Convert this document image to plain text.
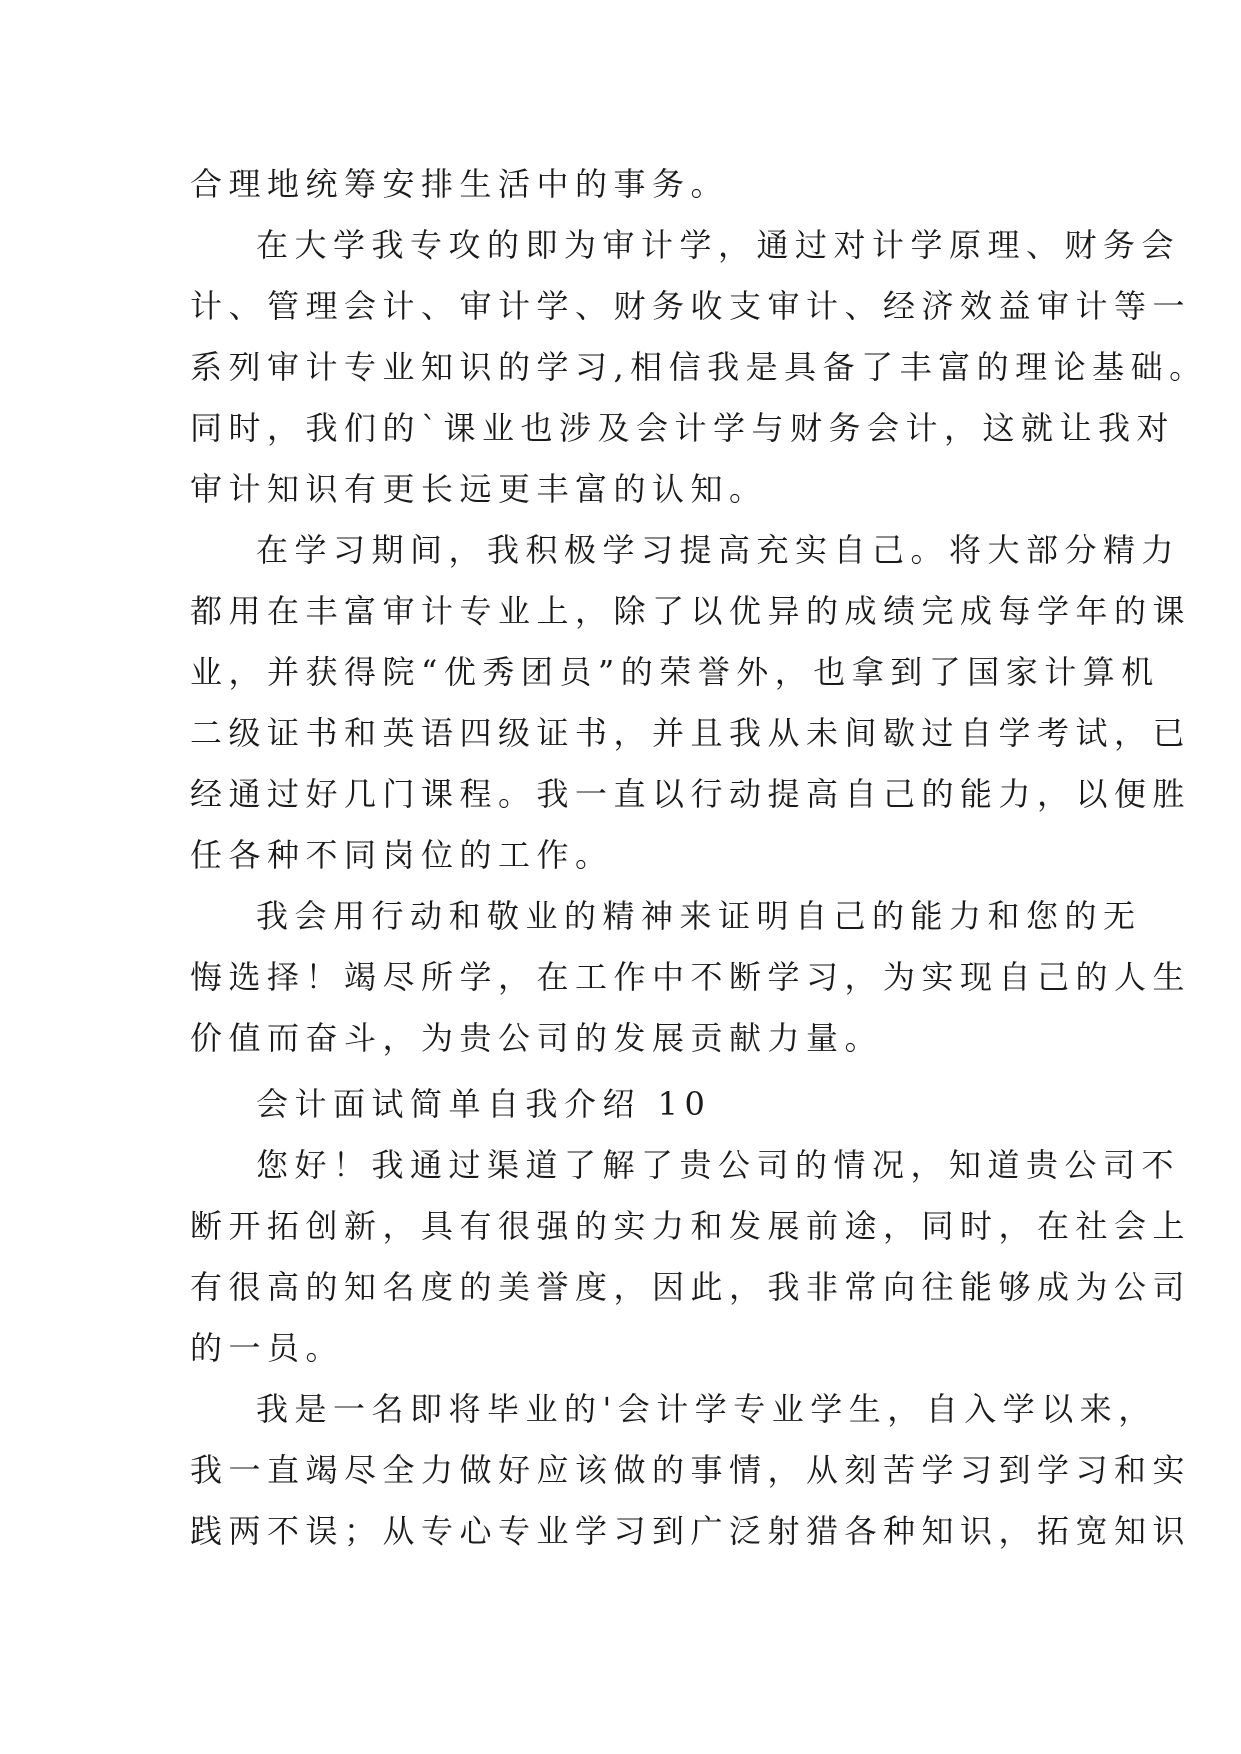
合理地统筹安排生活中的事务。
在大学我专攻的即为审计学，通过对计学原理、财务会
计、管理会计、审计学、财务收支审计、经济效益审计等一
系列审计专业知识的学习,相信我是具备了丰富的理论基础。
同时，我们的`课业也涉及会计学与财务会计，这就让我对
审计知识有更长远更丰富的认知。
在学习期间，我积极学习提高充实自己。将大部分精力
都用在丰富审计专业上，除了以优异的成绩完成每学年的课
业，并获得院“优秀团员”的荣誉外，也拿到了国家计算机
二级证书和英语四级证书，并且我从未间歇过自学考试，已
经通过好几门课程。我一直以行动提高自己的能力，以便胜
任各种不同岗位的工作。
我会用行动和敬业的精神来证明自己的能力和您的无
悔选择！竭尽所学，在工作中不断学习，为实现自己的人生
价值而奋斗，为贵公司的发展贡献力量。
会计面试简单自我介绍 10
您好！我通过渠道了解了贵公司的情况，知道贵公司不
断开拓创新，具有很强的实力和发展前途，同时，在社会上
有很高的知名度的美誉度，因此，我非常向往能够成为公司
的一员。
我是一名即将毕业的'会计学专业学生，自入学以来，
我一直竭尽全力做好应该做的事情，从刻苦学习到学习和实
践两不误；从专心专业学习到广泛射猎各种知识，拓宽知识
